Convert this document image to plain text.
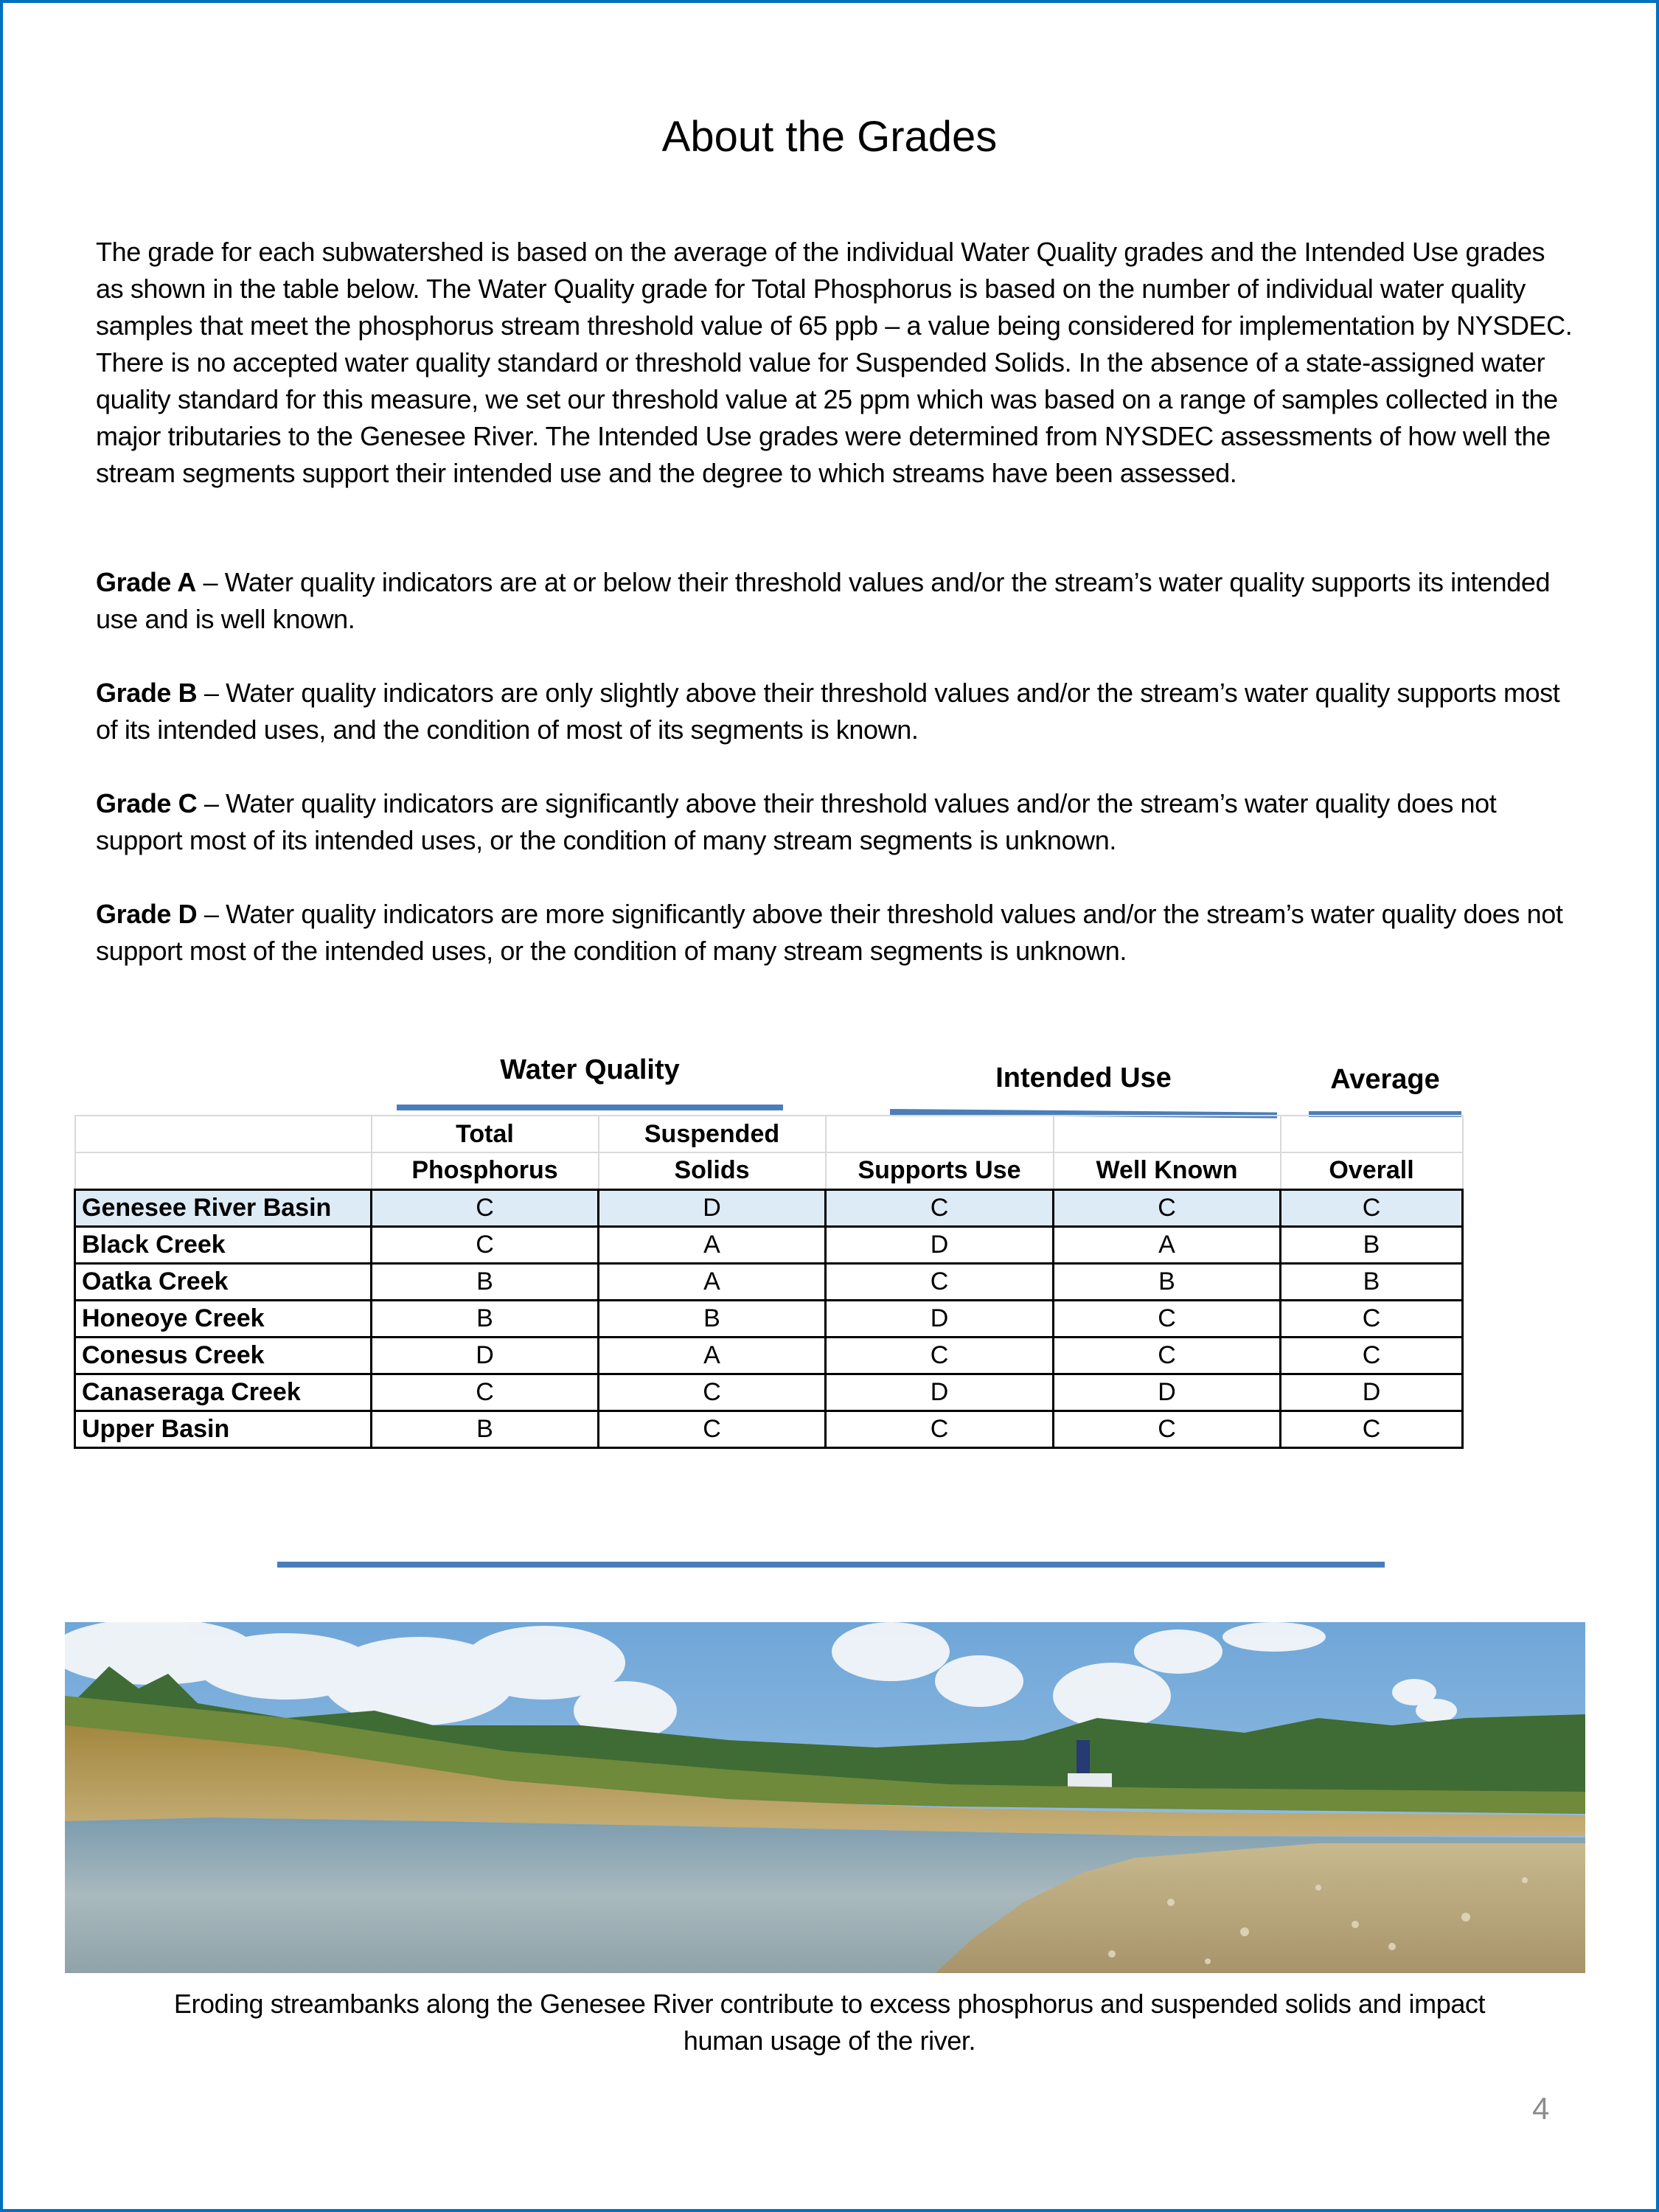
About the Grades

The grade for each subwatershed is based on the average of the individual Water Quality grades and the Intended Use grades as shown in the table below. The Water Quality grade for Total Phosphorus is based on the number of individual water quality samples that meet the phosphorus stream threshold value of 65 ppb – a value being considered for implementation by NYSDEC. There is no accepted water quality standard or threshold value for Suspended Solids. In the absence of a state-assigned water quality standard for this measure, we set our threshold value at 25 ppm which was based on a range of samples collected in the major tributaries to the Genesee River. The Intended Use grades were determined from NYSDEC assessments of how well the stream segments support their intended use and the degree to which streams have been assessed.

Grade A – Water quality indicators are at or below their threshold values and/or the stream’s water quality supports its intended use and is well known.

Grade B – Water quality indicators are only slightly above their threshold values and/or the stream’s water quality supports most of its intended uses, and the condition of most of its segments is known.

Grade C – Water quality indicators are significantly above their threshold values and/or the stream’s water quality does not support most of its intended uses, or the condition of many stream segments is unknown.

Grade D – Water quality indicators are more significantly above their threshold values and/or the stream’s water quality does not support most of the intended uses, or the condition of many stream segments is unknown.

Water Quality	Intended Use	Average
	Total	Suspended			
	Phosphorus	Solids	Supports Use	Well Known	Overall
Genesee River Basin	C	D	C	C	C
Black Creek	C	A	D	A	B
Oatka Creek	B	A	C	B	B
Honeoye Creek	B	B	D	C	C
Conesus Creek	D	A	C	C	C
Canaseraga Creek	C	C	D	D	D
Upper Basin	B	C	C	C	C
Eroding streambanks along the Genesee River contribute to excess phosphorus and suspended solids and impact
human usage of the river.
4
